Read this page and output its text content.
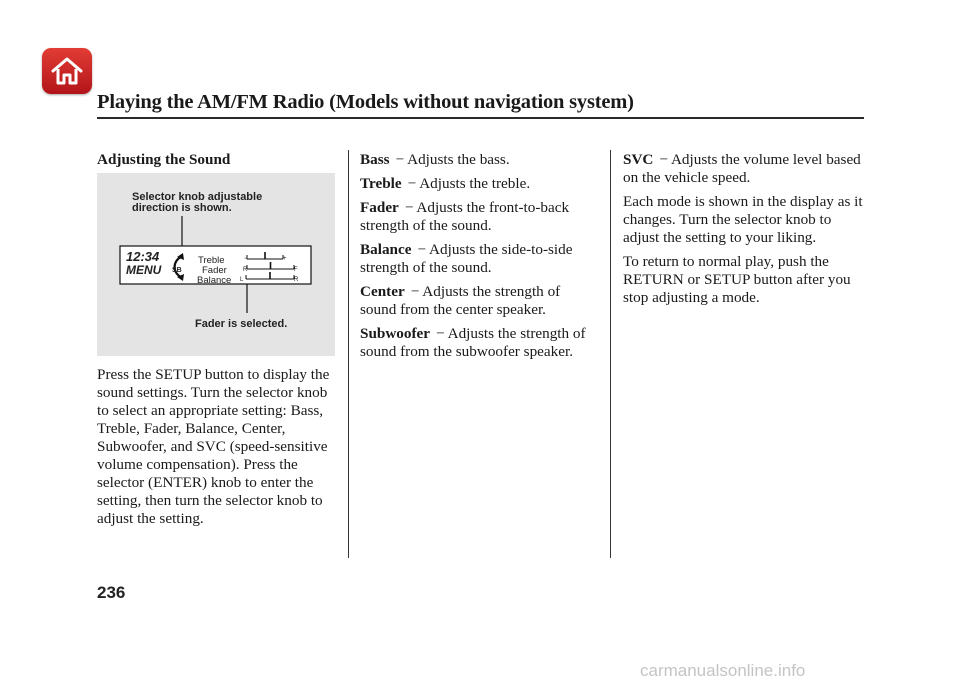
Playing the AM/FM Radio (Models without navigation system)

Adjusting the Sound

Selector knob adjustable
direction is shown.
12:34
MENU SB
Treble
Fader
Balance
−	+
R	F
L	R
Fader is selected.
Press the SETUP button to display the sound settings. Turn the selector knob to select an appropriate setting: Bass, Treble, Fader, Balance, Center, Subwoofer, and SVC (speed-sensitive volume compensation). Press the selector (ENTER) knob to enter the setting, then turn the selector knob to adjust the setting.

Bass − Adjusts the bass.

Treble − Adjusts the treble.

Fader − Adjusts the front-to-back strength of the sound.

Balance − Adjusts the side-to-side strength of the sound.

Center − Adjusts the strength of sound from the center speaker.

Subwoofer − Adjusts the strength of sound from the subwoofer speaker.

SVC − Adjusts the volume level based on the vehicle speed.

Each mode is shown in the display as it changes. Turn the selector knob to adjust the setting to your liking.

To return to normal play, push the RETURN or SETUP button after you stop adjusting a mode.

236
carmanualsonline.info
